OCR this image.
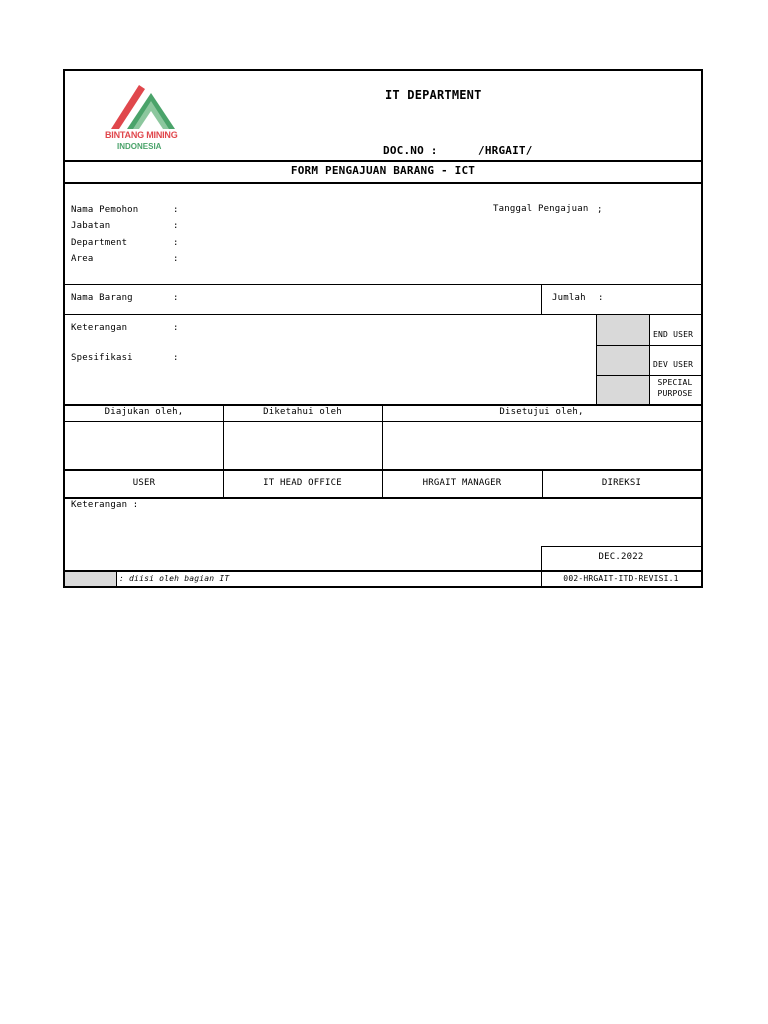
BINTANG MINING
INDONESIA
IT DEPARTMENT
DOC.NO :	/HRGAIT/
FORM PENGAJUAN BARANG - ICT
Nama Pemohon	:
Jabatan	:
Department	:
Area	:
Tanggal Pengajuan ;
Nama Barang	:	Jumlah :
Keterangan	:
Spesifikasi	:
END USER
DEV USER
SPECIAL
PURPOSE
Diajukan oleh,	Diketahui oleh	Disetujui oleh,
USER	IT HEAD OFFICE	HRGAIT MANAGER	DIREKSI
Keterangan :
DEC.2022
: diisi oleh bagian IT	002-HRGAIT-ITD-REVISI.1
